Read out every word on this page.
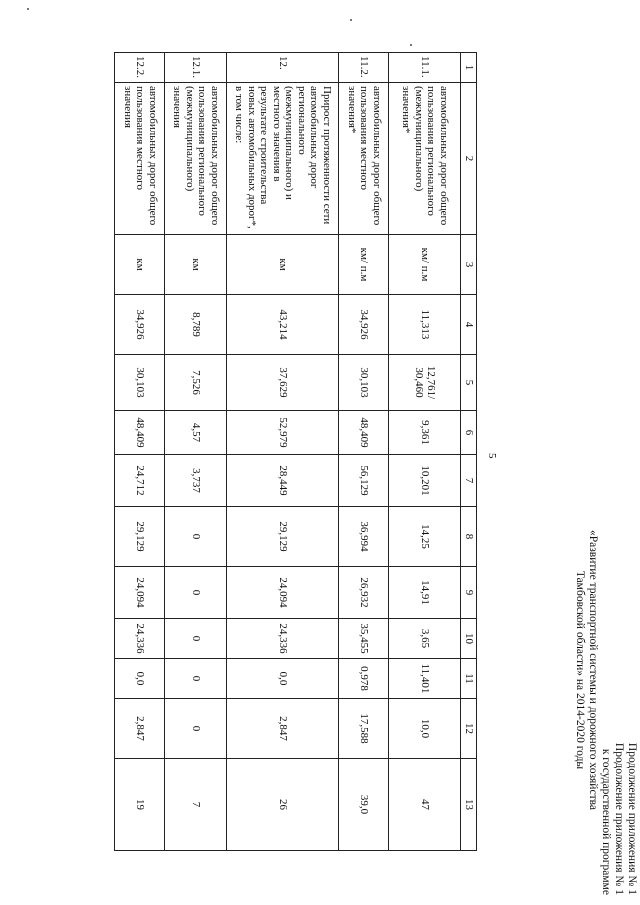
5
Продолжение приложения № 1
Продолжение приложения № 1
к государственной программе
«Развитие транспортной системы и дорожного хозяйства
Тамбовской области» на 2014-2020 годы
1	2	3	4	5	6	7	8	9	10	11	12	13
11.1.	автомобильных дорог общего пользования регионального (межмуниципального) значения*	км/ п.м	11,313	12,761/ 30,460	9,361	10,201	14,25	14,91	3,65	11,401	10,0	47
11.2.	автомобильных дорог общего пользования местного значения*	км/ п.м	34,926	30,103	48,409	56,129	36,994	26,932	35,455	0,978	17,588	39,0
12.	Прирост протяженности сети автомобильных дорог регионального (межмуниципального) и местного значения в результате строительства новых автомобильных дорог*, в том числе:	км	43,214	37,629	52,979	28,449	29,129	24,094	24,336	0,0	2,847	26
12.1.	автомобильных дорог общего пользования регионального (межмуниципального) значения	км	8,789	7,526	4,57	3,737	0	0	0	0	0	7
12.2.	автомобильных дорог общего пользования местного значения	км	34,926	30,103	48,409	24,712	29,129	24,094	24,336	0,0	2,847	19
